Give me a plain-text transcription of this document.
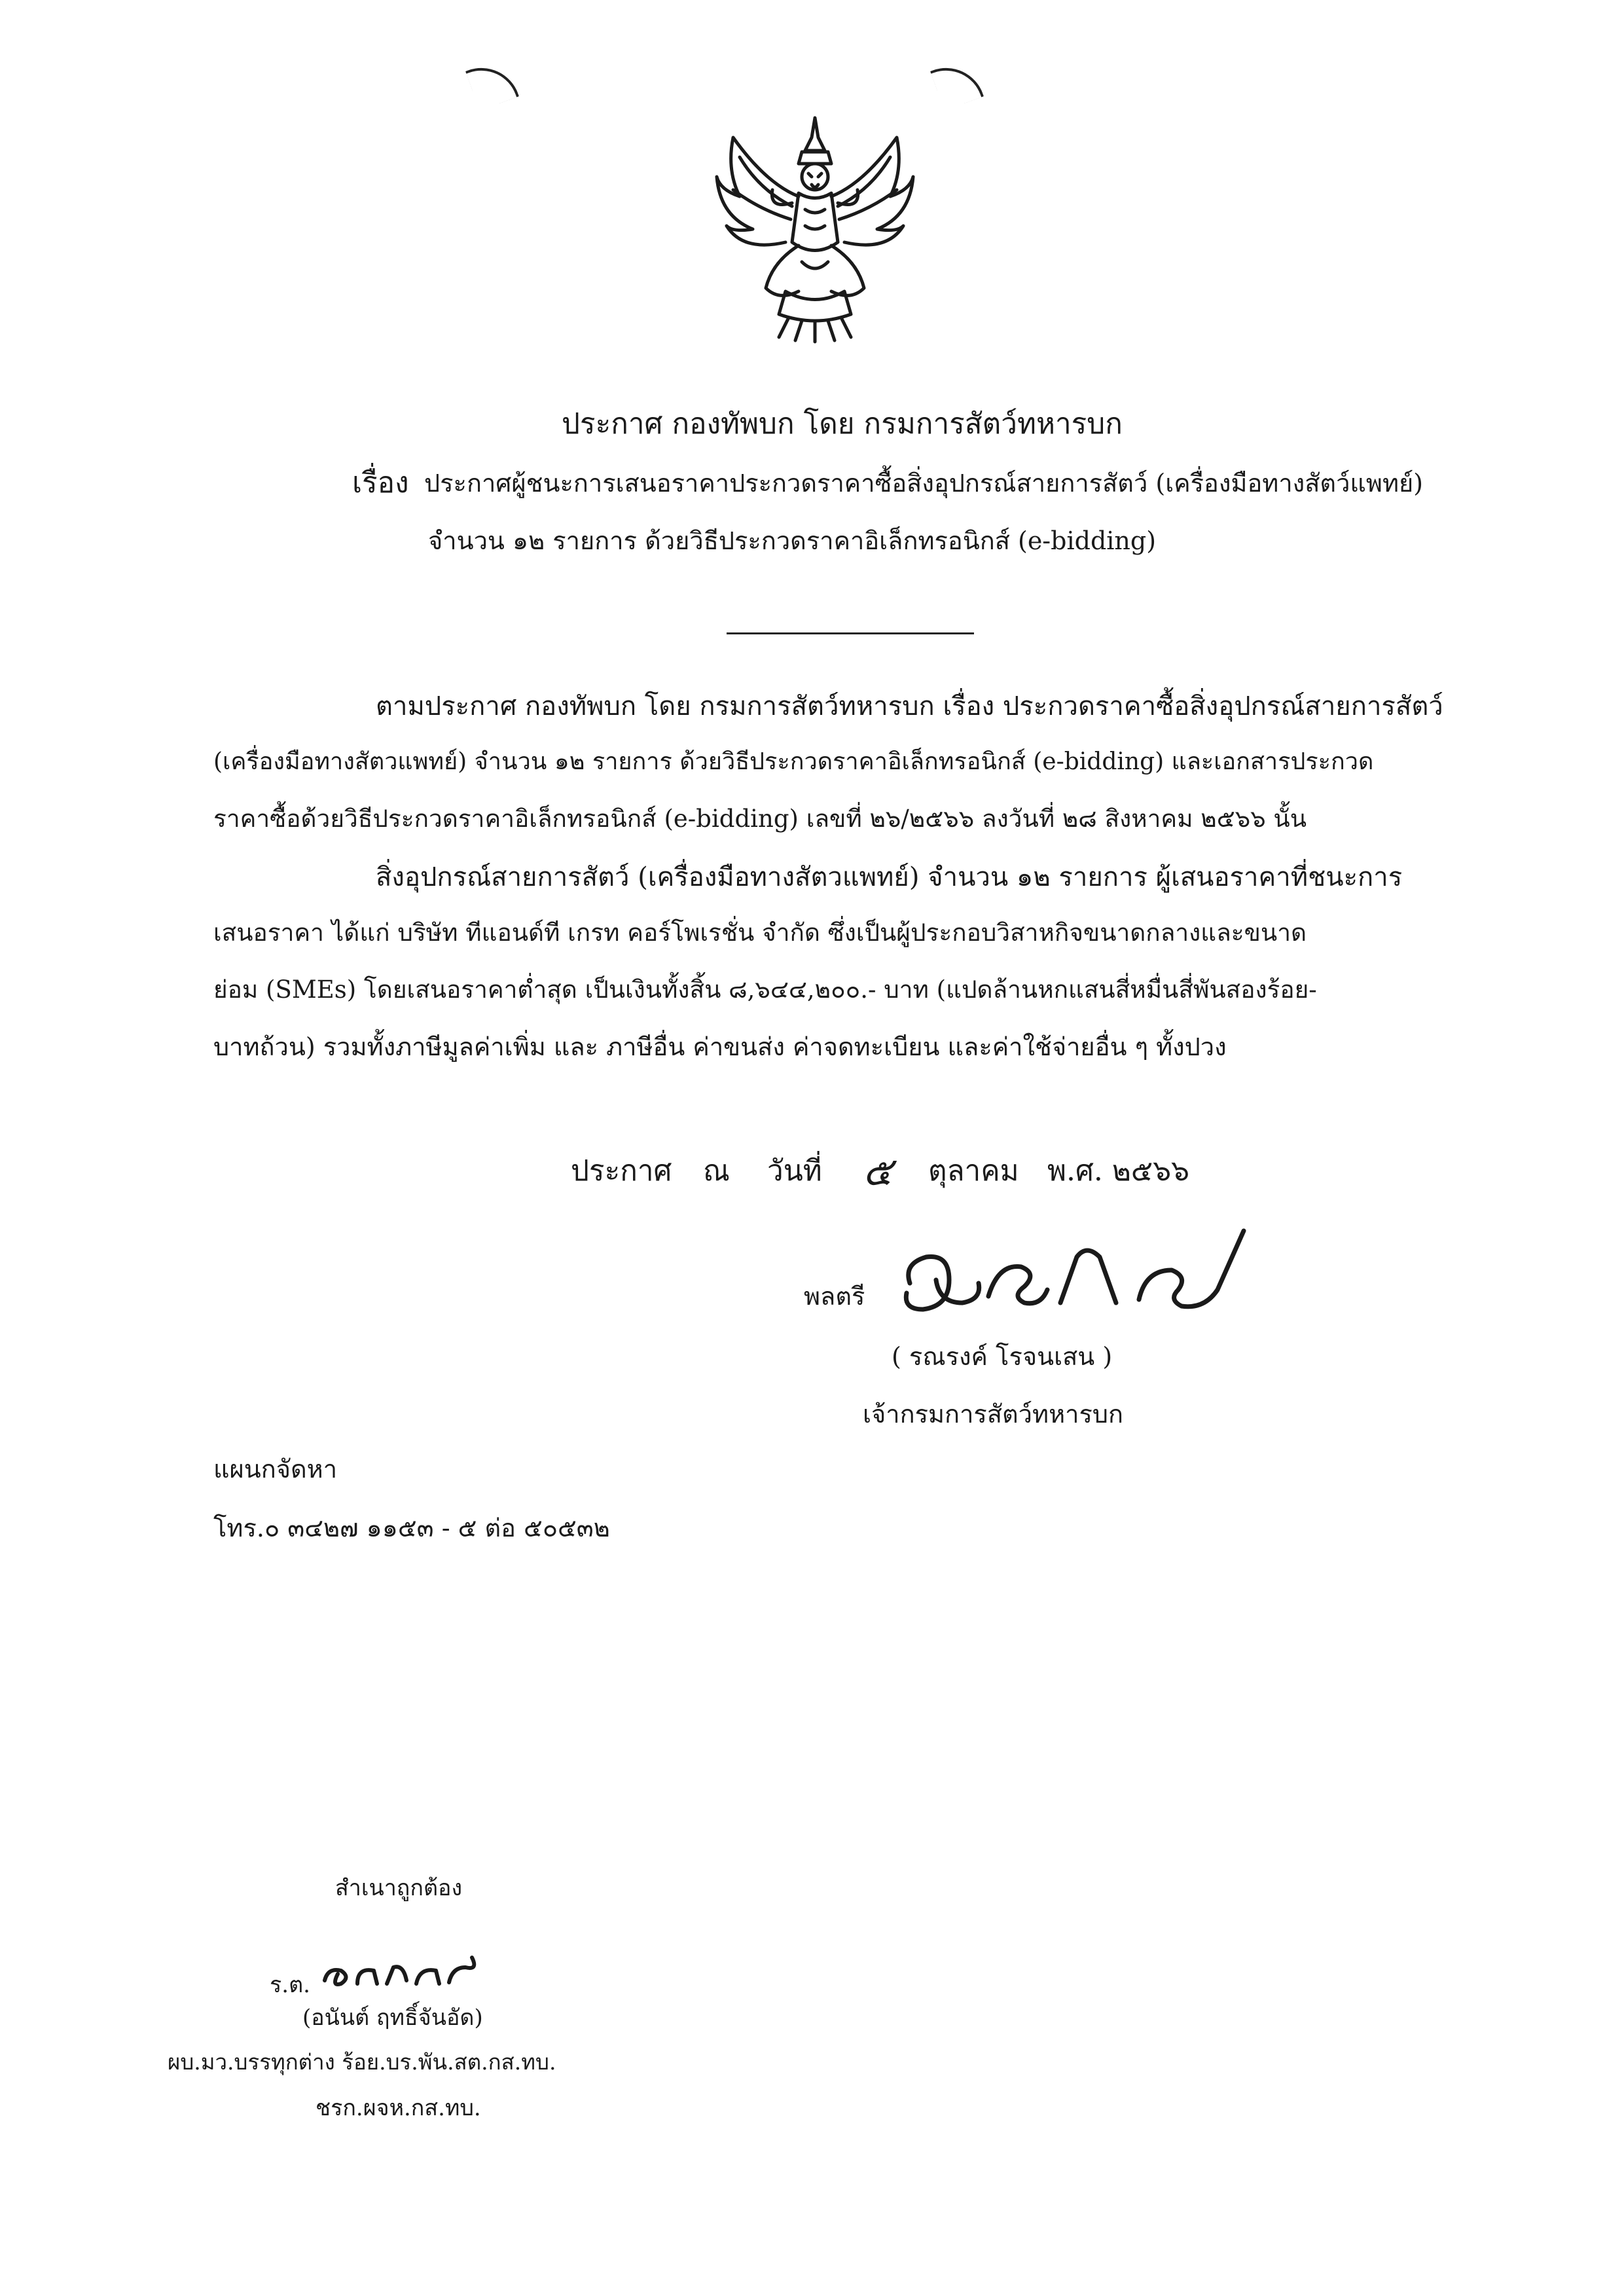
ประกาศ กองทัพบก โดย กรมการสัตว์ทหารบก
เรื่อง ประกาศผู้ชนะการเสนอราคาประกวดราคาซื้อสิ่งอุปกรณ์สายการสัตว์ (เครื่องมือทางสัตว์แพทย์)
จำนวน ๑๒ รายการ ด้วยวิธีประกวดราคาอิเล็กทรอนิกส์ (e-bidding)

ตามประกาศ กองทัพบก โดย กรมการสัตว์ทหารบก เรื่อง ประกวดราคาซื้อสิ่งอุปกรณ์สายการสัตว์

(เครื่องมือทางสัตวแพทย์) จำนวน ๑๒ รายการ ด้วยวิธีประกวดราคาอิเล็กทรอนิกส์ (e-bidding) และเอกสารประกวด

ราคาซื้อด้วยวิธีประกวดราคาอิเล็กทรอนิกส์ (e-bidding) เลขที่ ๒๖/๒๕๖๖ ลงวันที่ ๒๘ สิงหาคม ๒๕๖๖ นั้น

สิ่งอุปกรณ์สายการสัตว์ (เครื่องมือทางสัตวแพทย์) จำนวน ๑๒ รายการ ผู้เสนอราคาที่ชนะการ

เสนอราคา ได้แก่ บริษัท ทีแอนด์ที เกรท คอร์โพเรชั่น จำกัด ซึ่งเป็นผู้ประกอบวิสาหกิจขนาดกลางและขนาด

ย่อม (SMEs) โดยเสนอราคาต่ำสุด เป็นเงินทั้งสิ้น ๘,๖๔๔,๒๐๐.- บาท (แปดล้านหกแสนสี่หมื่นสี่พันสองร้อย-

บาทถ้วน) รวมทั้งภาษีมูลค่าเพิ่ม และ ภาษีอื่น ค่าขนส่ง ค่าจดทะเบียน และค่าใช้จ่ายอื่น ๆ ทั้งปวง

ประกาศ ณ วันที่ ๕ ตุลาคม พ.ศ. ๒๕๖๖
พลตรี
( รณรงค์ โรจนเสน )
เจ้ากรมการสัตว์ทหารบก
แผนกจัดหา
โทร.๐ ๓๔๒๗ ๑๑๕๓ - ๕ ต่อ ๕๐๕๓๒
สำเนาถูกต้อง
ร.ต.
(อนันต์ ฤทธิ์จันอัด)
ผบ.มว.บรรทุกต่าง ร้อย.บร.พัน.สต.กส.ทบ.
ชรก.ผจห.กส.ทบ.
